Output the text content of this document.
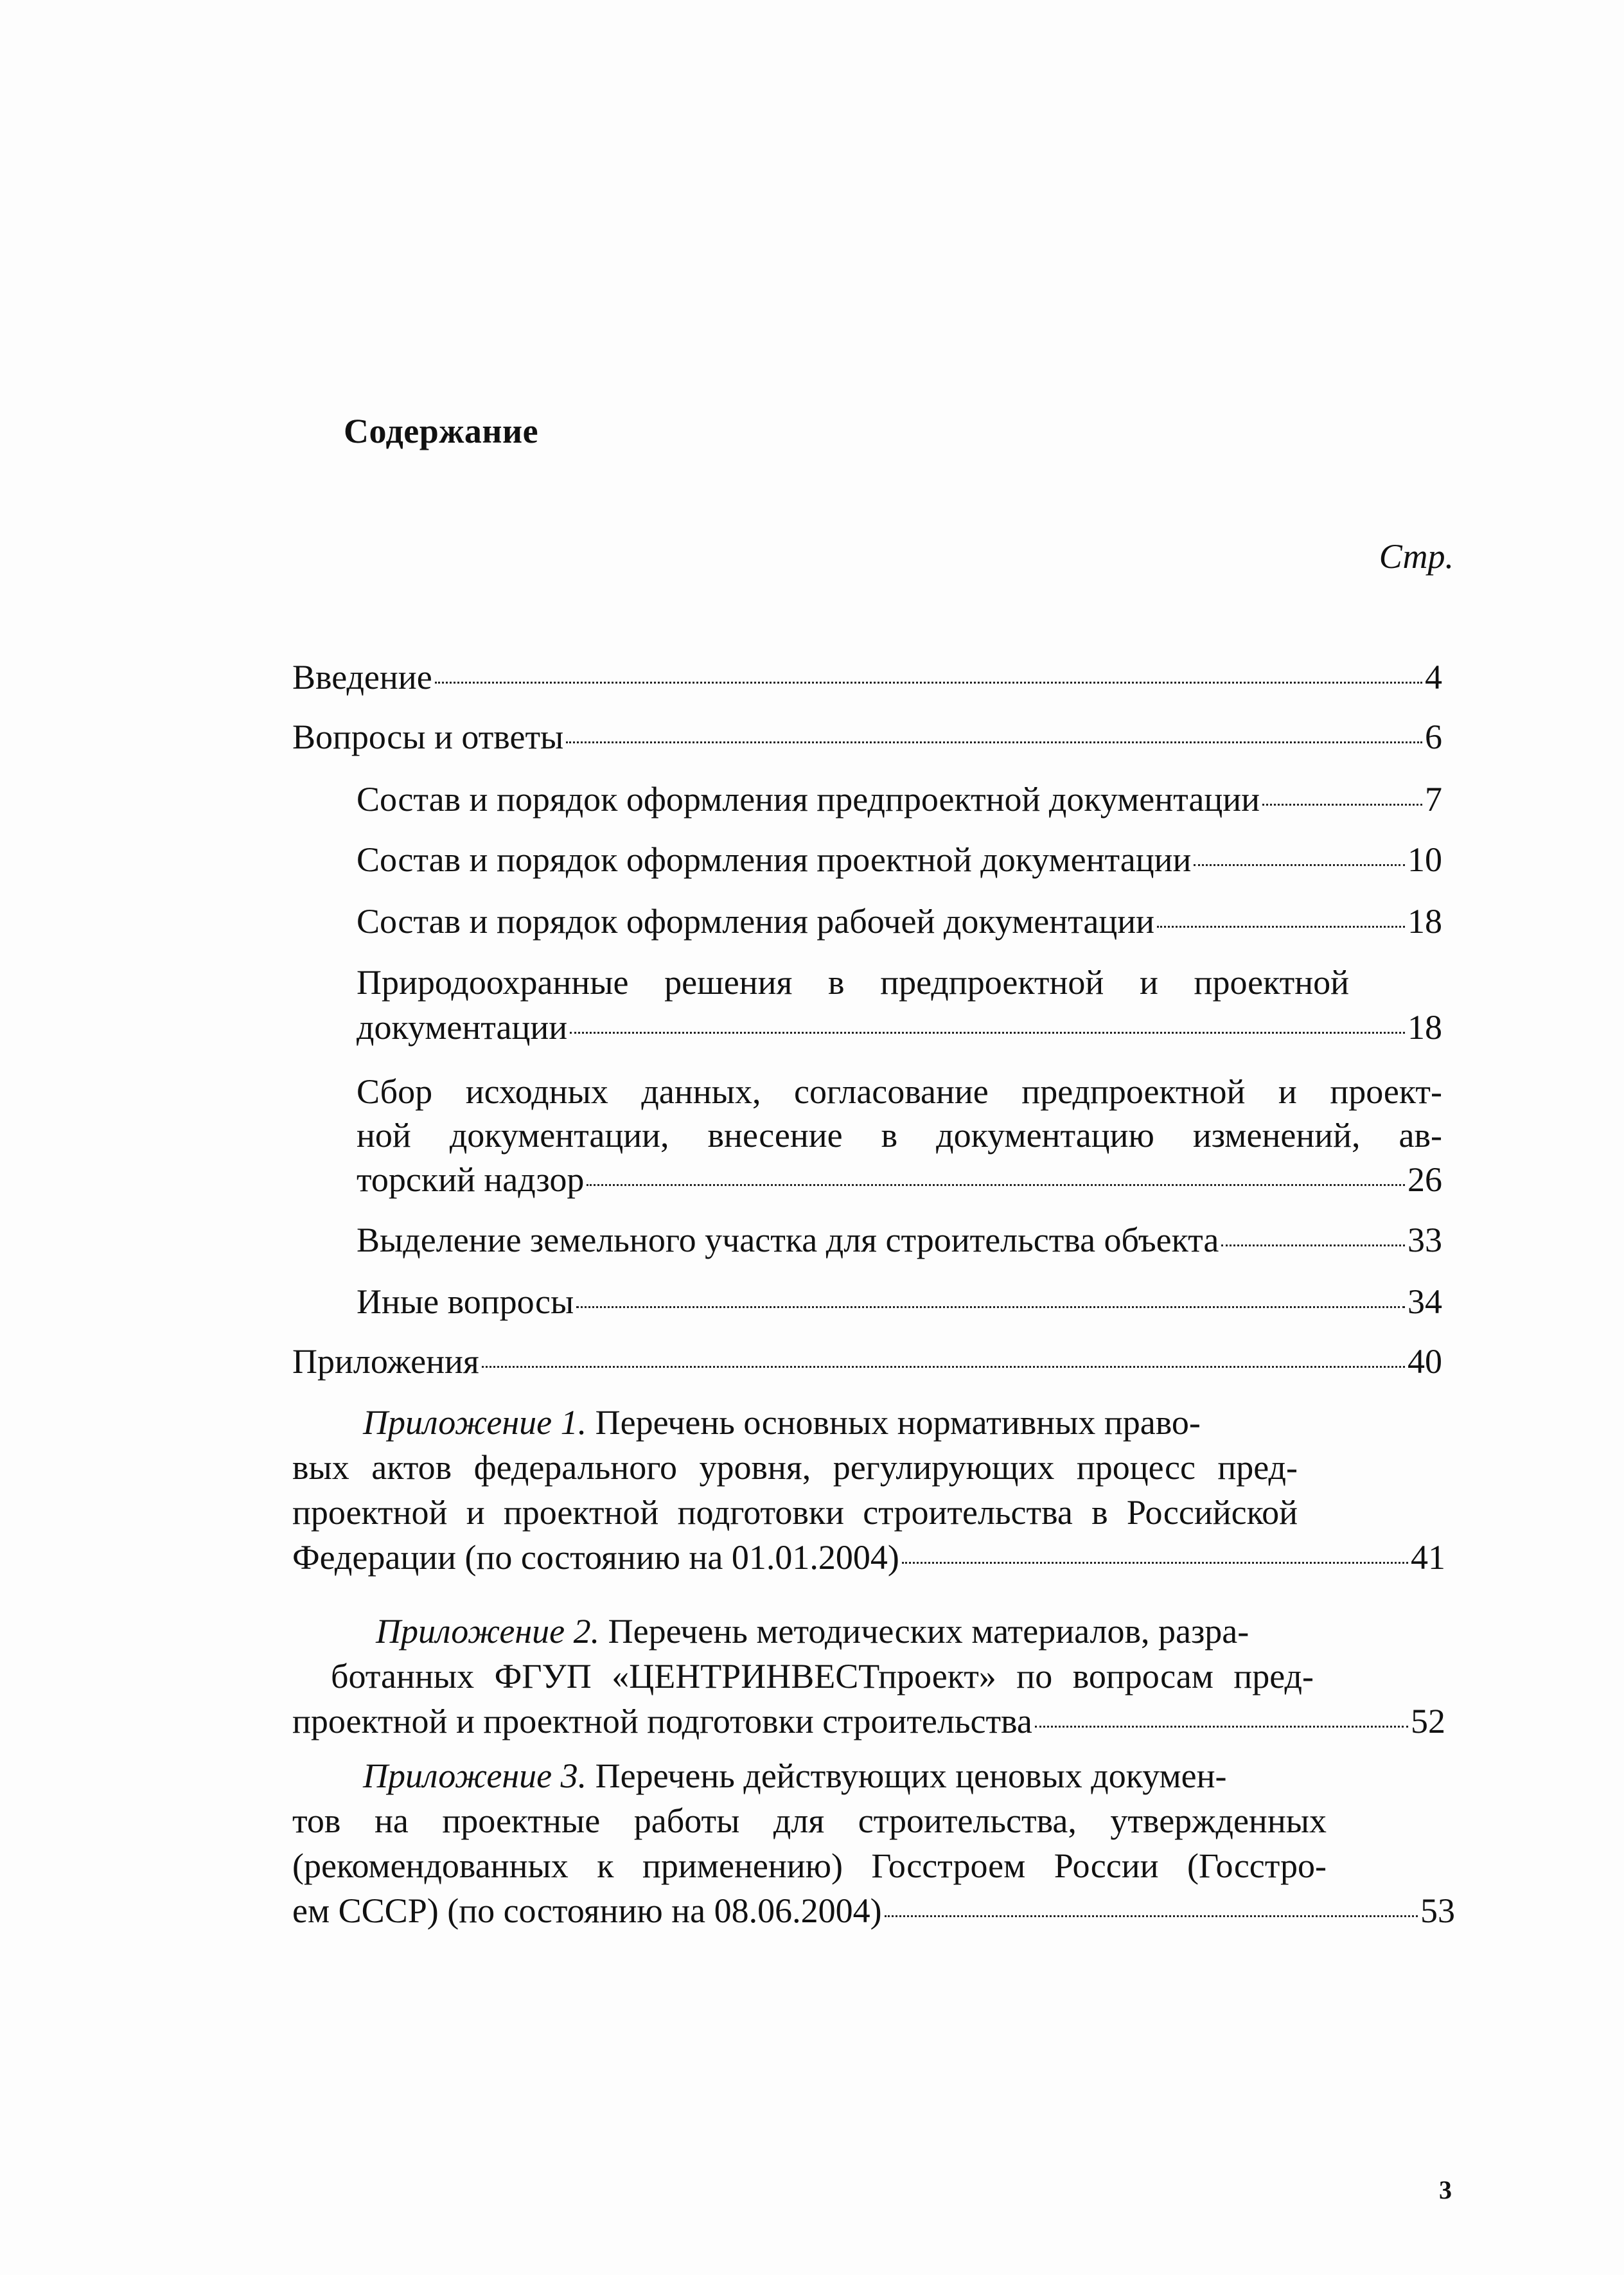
Содержание
Стр.
Введение	4
Вопросы и ответы	6
Состав и порядок оформления предпроектной документации	7
Состав и порядок оформления проектной документации	10
Состав и порядок оформления рабочей документации	18
Природоохранные решения в предпроектной и проектной
документации	18
Сбор исходных данных, согласование предпроектной и проект-
ной документации, внесение в документацию изменений, ав-
торский надзор	26
Выделение земельного участка для строительства объекта	33
Иные вопросы	34
Приложения	40
Приложение 1. Перечень основных нормативных право-
вых актов федерального уровня, регулирующих процесс пред-
проектной и проектной подготовки строительства в Российской
Федерации (по состоянию на 01.01.2004)	41
Приложение 2. Перечень методических материалов, разра-
ботанных ФГУП «ЦЕНТРИНВЕСТпроект» по вопросам пред-
проектной и проектной подготовки строительства	52
Приложение 3. Перечень действующих ценовых докумен-
тов на проектные работы для строительства, утвержденных
(рекомендованных к применению) Госстроем России (Госстро-
ем СССР) (по состоянию на 08.06.2004)	53
3
